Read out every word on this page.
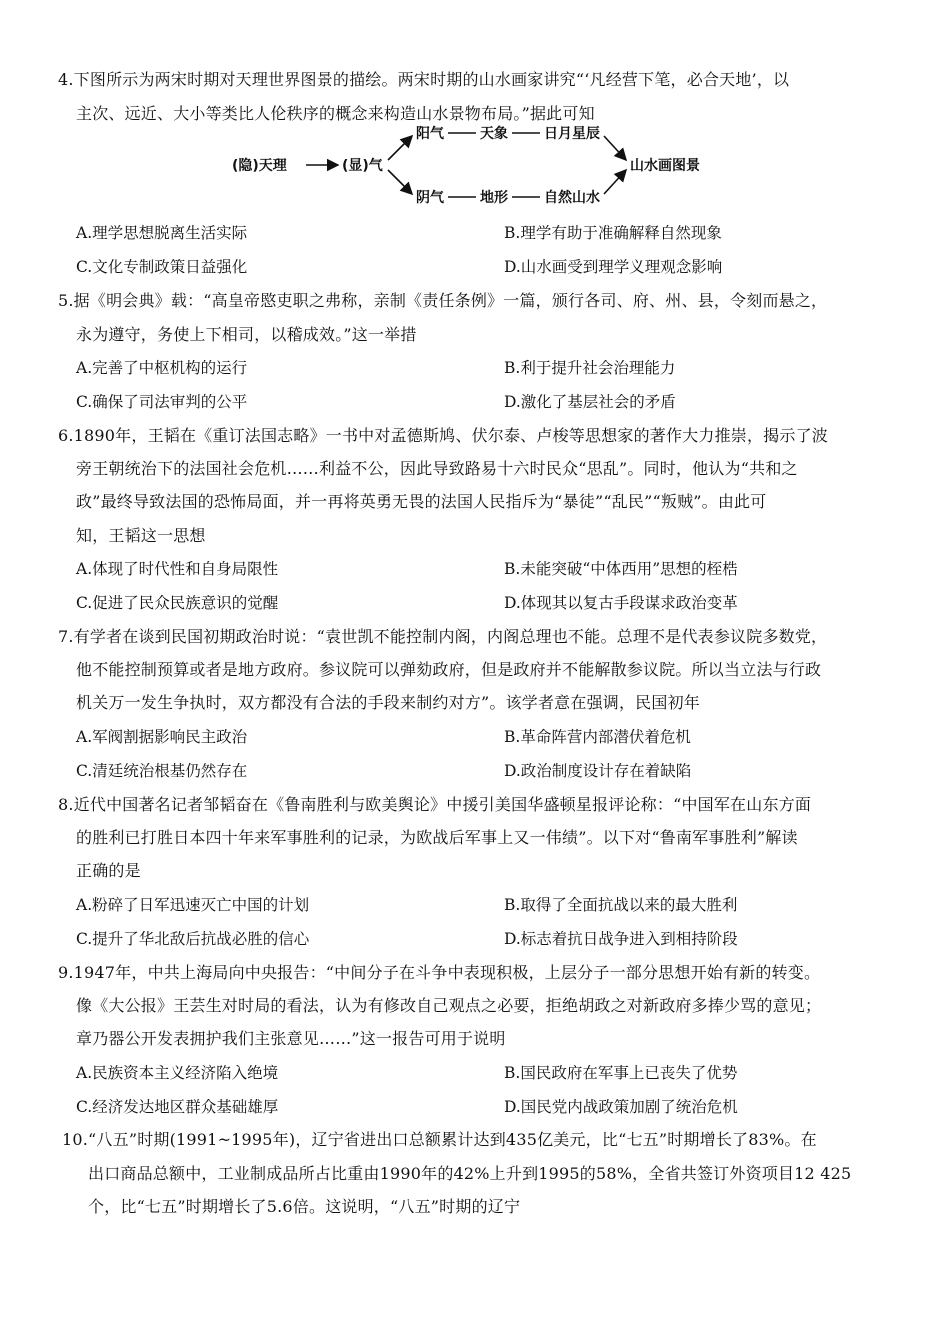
4.下图所示为两宋时期对天理世界图景的描绘。两宋时期的山水画家讲究“‘凡经营下笔，必合天地’，以
主次、远近、大小等类比人伦秩序的概念来构造山水景物布局。”据此可知
(隐)天理	(显)气
阳气	天象	日月星辰
阴气	地形	自然山水
山水画图景
A.理学思想脱离生活实际	B.理学有助于准确解释自然现象
C.文化专制政策日益强化	D.山水画受到理学义理观念影响
5.据《明会典》载：“高皇帝愍吏职之弗称，亲制《责任条例》一篇，颁行各司、府、州、县，令刻而悬之，
永为遵守，务使上下相司，以稽成效。”这一举措
A.完善了中枢机构的运行	B.利于提升社会治理能力
C.确保了司法审判的公平	D.激化了基层社会的矛盾
6.1890年，王韬在《重订法国志略》一书中对孟德斯鸠、伏尔泰、卢梭等思想家的著作大力推崇，揭示了波
旁王朝统治下的法国社会危机……利益不公，因此导致路易十六时民众“思乱”。同时，他认为“共和之
政”最终导致法国的恐怖局面，并一再将英勇无畏的法国人民指斥为“暴徒”“乱民”“叛贼”。由此可
知，王韬这一思想
A.体现了时代性和自身局限性	B.未能突破“中体西用”思想的桎梏
C.促进了民众民族意识的觉醒	D.体现其以复古手段谋求政治变革
7.有学者在谈到民国初期政治时说：“袁世凯不能控制内阁，内阁总理也不能。总理不是代表参议院多数党，
他不能控制预算或者是地方政府。参议院可以弹劾政府，但是政府并不能解散参议院。所以当立法与行政
机关万一发生争执时，双方都没有合法的手段来制约对方”。该学者意在强调，民国初年
A.军阀割据影响民主政治	B.革命阵营内部潜伏着危机
C.清廷统治根基仍然存在	D.政治制度设计存在着缺陷
8.近代中国著名记者邹韬奋在《鲁南胜利与欧美舆论》中援引美国华盛顿星报评论称：“中国军在山东方面
的胜利已打胜日本四十年来军事胜利的记录，为欧战后军事上又一伟绩”。以下对“鲁南军事胜利”解读
正确的是
A.粉碎了日军迅速灭亡中国的计划	B.取得了全面抗战以来的最大胜利
C.提升了华北敌后抗战必胜的信心	D.标志着抗日战争进入到相持阶段
9.1947年，中共上海局向中央报告：“中间分子在斗争中表现积极，上层分子一部分思想开始有新的转变。
像《大公报》王芸生对时局的看法，认为有修改自己观点之必要，拒绝胡政之对新政府多捧少骂的意见；
章乃器公开发表拥护我们主张意见……”这一报告可用于说明
A.民族资本主义经济陷入绝境	B.国民政府在军事上已丧失了优势
C.经济发达地区群众基础雄厚	D.国民党内战政策加剧了统治危机
10.“八五”时期(1991~1995年)，辽宁省进出口总额累计达到435亿美元，比“七五”时期增长了83%。在
出口商品总额中，工业制成品所占比重由1990年的42%上升到1995的58%，全省共签订外资项目12 425
个，比“七五”时期增长了5.6倍。这说明，“八五”时期的辽宁
